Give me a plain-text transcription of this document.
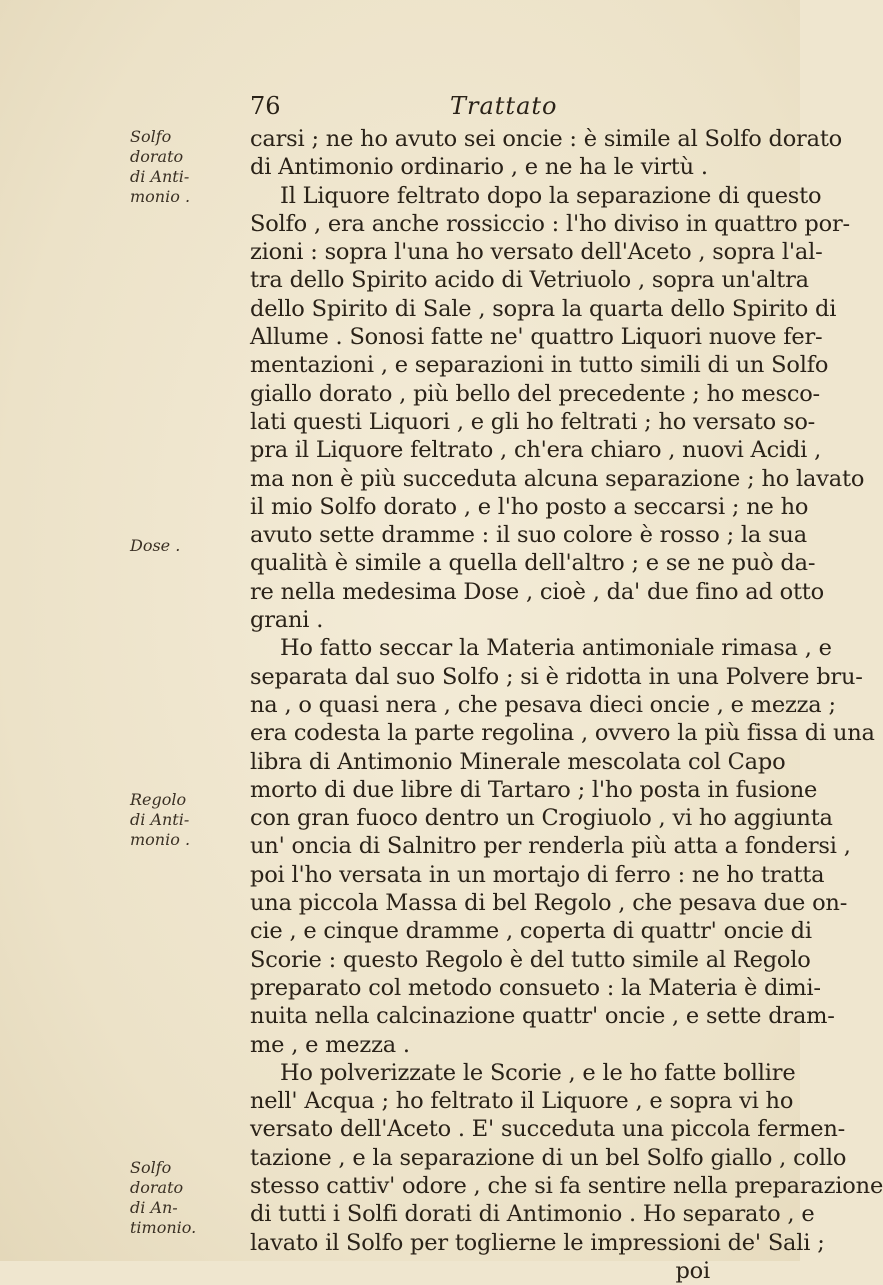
76	Trattato
Solfo
dorato
di Anti-
monio .
Dose .
Regolo
di Anti-
monio .
Solfo
dorato
di An-
timonio.
carsi ; ne ho avuto sei oncie : è simile al Solfo dorato
di Antimonio ordinario , e ne ha le virtù .
Il Liquore feltrato dopo la separazione di questo
Solfo , era anche rossiccio : l'ho diviso in quattro por-
zioni : sopra l'una ho versato dell'Aceto , sopra l'al-
tra dello Spirito acido di Vetriuolo , sopra un'altra
dello Spirito di Sale , sopra la quarta dello Spirito di
Allume . Sonosi fatte ne' quattro Liquori nuove fer-
mentazioni , e separazioni in tutto simili di un Solfo
giallo dorato , più bello del precedente ; ho mesco-
lati questi Liquori , e gli ho feltrati ; ho versato so-
pra il Liquore feltrato , ch'era chiaro , nuovi Acidi ,
ma non è più succeduta alcuna separazione ; ho lavato
il mio Solfo dorato , e l'ho posto a seccarsi ; ne ho
avuto sette dramme : il suo colore è rosso ; la sua
qualità è simile a quella dell'altro ; e se ne può da-
re nella medesima Dose , cioè , da' due fino ad otto
grani .
Ho fatto seccar la Materia antimoniale rimasa , e
separata dal suo Solfo ; si è ridotta in una Polvere bru-
na , o quasi nera , che pesava dieci oncie , e mezza ;
era codesta la parte regolina , ovvero la più fissa di una
libra di Antimonio Minerale mescolata col Capo
morto di due libre di Tartaro ; l'ho posta in fusione
con gran fuoco dentro un Crogiuolo , vi ho aggiunta
un' oncia di Salnitro per renderla più atta a fondersi ,
poi l'ho versata in un mortajo di ferro : ne ho tratta
una piccola Massa di bel Regolo , che pesava due on-
cie , e cinque dramme , coperta di quattr' oncie di
Scorie : questo Regolo è del tutto simile al Regolo
preparato col metodo consueto : la Materia è dimi-
nuita nella calcinazione quattr' oncie , e sette dram-
me , e mezza .
Ho polverizzate le Scorie , e le ho fatte bollire
nell' Acqua ; ho feltrato il Liquore , e sopra vi ho
versato dell'Aceto . E' succeduta una piccola fermen-
tazione , e la separazione di un bel Solfo giallo , collo
stesso cattiv' odore , che si fa sentire nella preparazione
di tutti i Solfi dorati di Antimonio . Ho separato , e
lavato il Solfo per toglierne le impressioni de' Sali ;
poi
